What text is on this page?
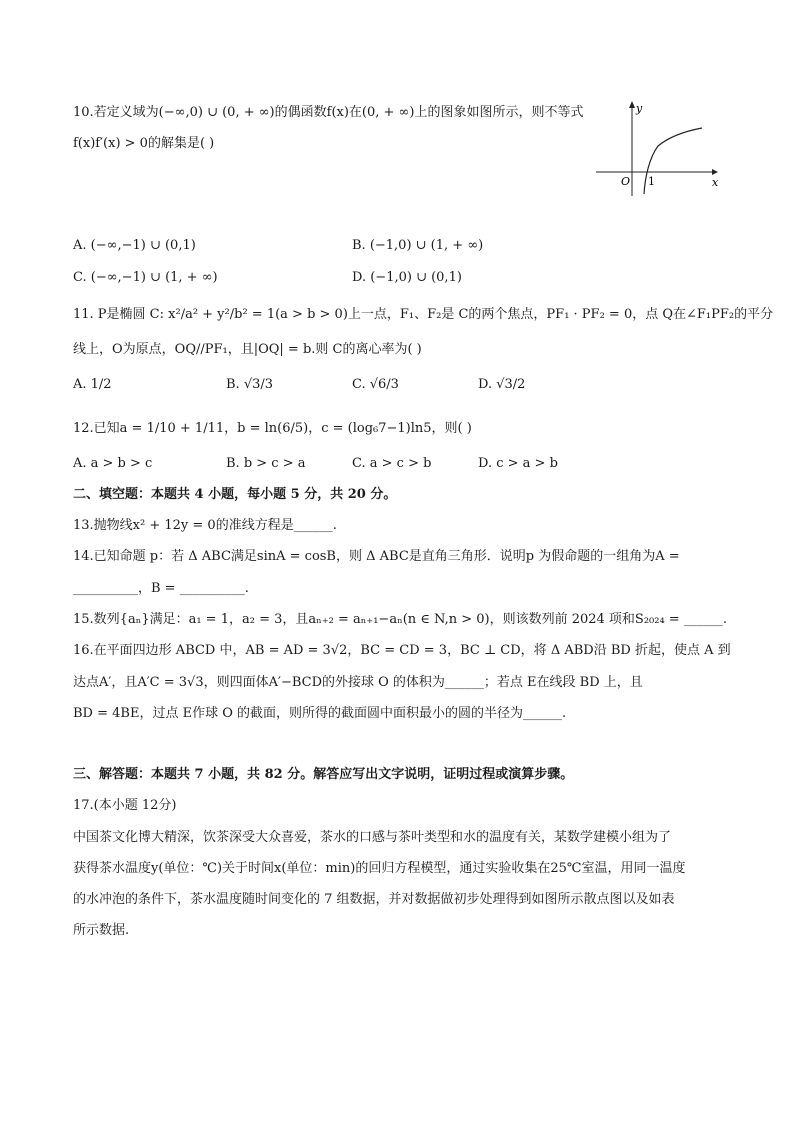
10.若定义域为(−∞,0) ∪ (0, + ∞)的偶函数f(x)在(0, + ∞)上的图象如图所示，则不等式
f(x)f′(x) > 0的解集是( )
y
x
O 1
A. (−∞,−1) ∪ (0,1)	B. (−1,0) ∪ (1, + ∞)
C. (−∞,−1) ∪ (1, + ∞)	D. (−1,0) ∪ (0,1)
11. P是椭圆 C: x²/a² + y²/b² = 1(a > b > 0)上一点，F₁、F₂是 C的两个焦点，PF₁ · PF₂ = 0，点 Q在∠F₁PF₂的平分
线上，O为原点，OQ//PF₁，且|OQ| = b.则 C的离心率为( )
A. 1/2	B. √3/3	C. √6/3	D. √3/2
12.已知a = 1/10 + 1/11，b = ln(6/5)，c = (log₆7−1)ln5，则( )
A. a > b > c	B. b > c > a	C. a > c > b	D. c > a > b
二、填空题：本题共 4 小题，每小题 5 分，共 20 分。
13.抛物线x² + 12y = 0的准线方程是______.
14.已知命题 p：若 Δ ABC满足sinA = cosB，则 Δ ABC是直角三角形．说明p 为假命题的一组角为A =
__________，B = __________.
15.数列{aₙ}满足：a₁ = 1，a₂ = 3，且aₙ₊₂ = aₙ₊₁−aₙ(n ∈ N,n > 0)，则该数列前 2024 项和S₂₀₂₄ = ______.
16.在平面四边形 ABCD 中，AB = AD = 3√2，BC = CD = 3，BC ⊥ CD，将 Δ ABD沿 BD 折起，使点 A 到
达点A′，且A′C = 3√3，则四面体A′−BCD的外接球 O 的体积为______；若点 E在线段 BD 上，且
BD = 4BE，过点 E作球 O 的截面，则所得的截面圆中面积最小的圆的半径为______.
三、解答题：本题共 7 小题，共 82 分。解答应写出文字说明，证明过程或演算步骤。
17.(本小题 12分)
中国茶文化博大精深，饮茶深受大众喜爱，茶水的口感与茶叶类型和水的温度有关，某数学建模小组为了
获得茶水温度y(单位：℃)关于时间x(单位：min)的回归方程模型，通过实验收集在25℃室温，用同一温度
的水冲泡的条件下，茶水温度随时间变化的 7 组数据，并对数据做初步处理得到如图所示散点图以及如表
所示数据.
